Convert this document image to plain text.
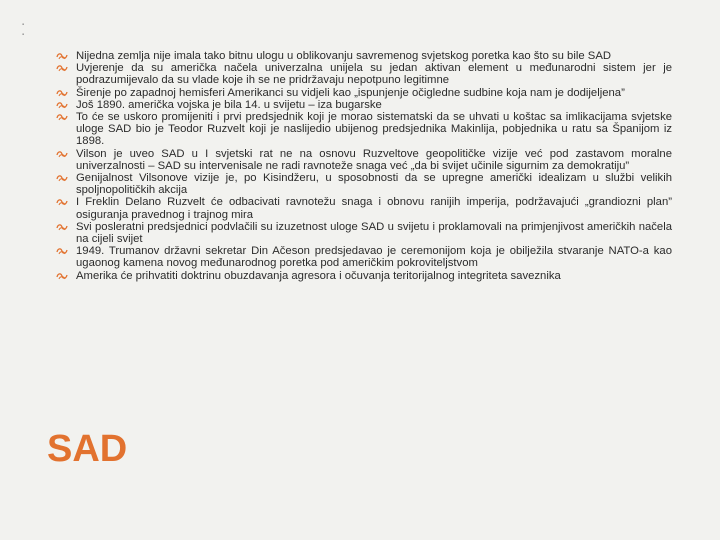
▪
▪
Nijedna zemlja nije imala tako bitnu ulogu u oblikovanju savremenog svjetskog poretka kao što su bile SAD
Uvjerenje da su američka načela univerzalna unijela su jedan aktivan element u međunarodni sistem jer je podrazumijevalo da su vlade koje ih se ne pridržavaju nepotpuno legitimne
Širenje po zapadnoj hemisferi Amerikanci su vidjeli kao „ispunjenje očigledne sudbine koja nam je dodijeljena”
Još 1890. američka vojska je bila 14. u svijetu – iza bugarske
To će se uskoro promijeniti i prvi predsjednik koji je morao sistematski da se uhvati u koštac sa imlikacijama svjetske uloge SAD bio je Teodor Ruzvelt koji je naslijedio ubijenog predsjednika Makinlija, pobjednika u ratu sa Španijom iz 1898.
Vilson je uveo SAD u I svjetski rat ne na osnovu Ruzveltove geopolitičke vizije već pod zastavom moralne univerzalnosti – SAD su intervenisale ne radi ravnoteže snaga već „da bi svijet učinile sigurnim za demokratiju”
Genijalnost Vilsonove vizije je, po Kisindžeru, u sposobnosti da se upregne američki idealizam u službi velikih spoljnopolitičkih akcija
I Freklin Delano Ruzvelt će odbacivati ravnotežu snaga i obnovu ranijih imperija, podržavajući „grandiozni plan” osiguranja pravednog i trajnog mira
Svi posleratni predsjednici podvlačili su izuzetnost uloge SAD u svijetu i proklamovali na primjenjivost američkih načela na cijeli svijet
1949. Trumanov državni sekretar Din Ačeson predsjedavao je ceremonijom koja je obilježila stvaranje NATO-a kao ugaonog kamena novog međunarodnog poretka pod američkim pokroviteljstvom
Amerika će prihvatiti doktrinu obuzdavanja agresora i očuvanja teritorijalnog integriteta saveznika
SAD
